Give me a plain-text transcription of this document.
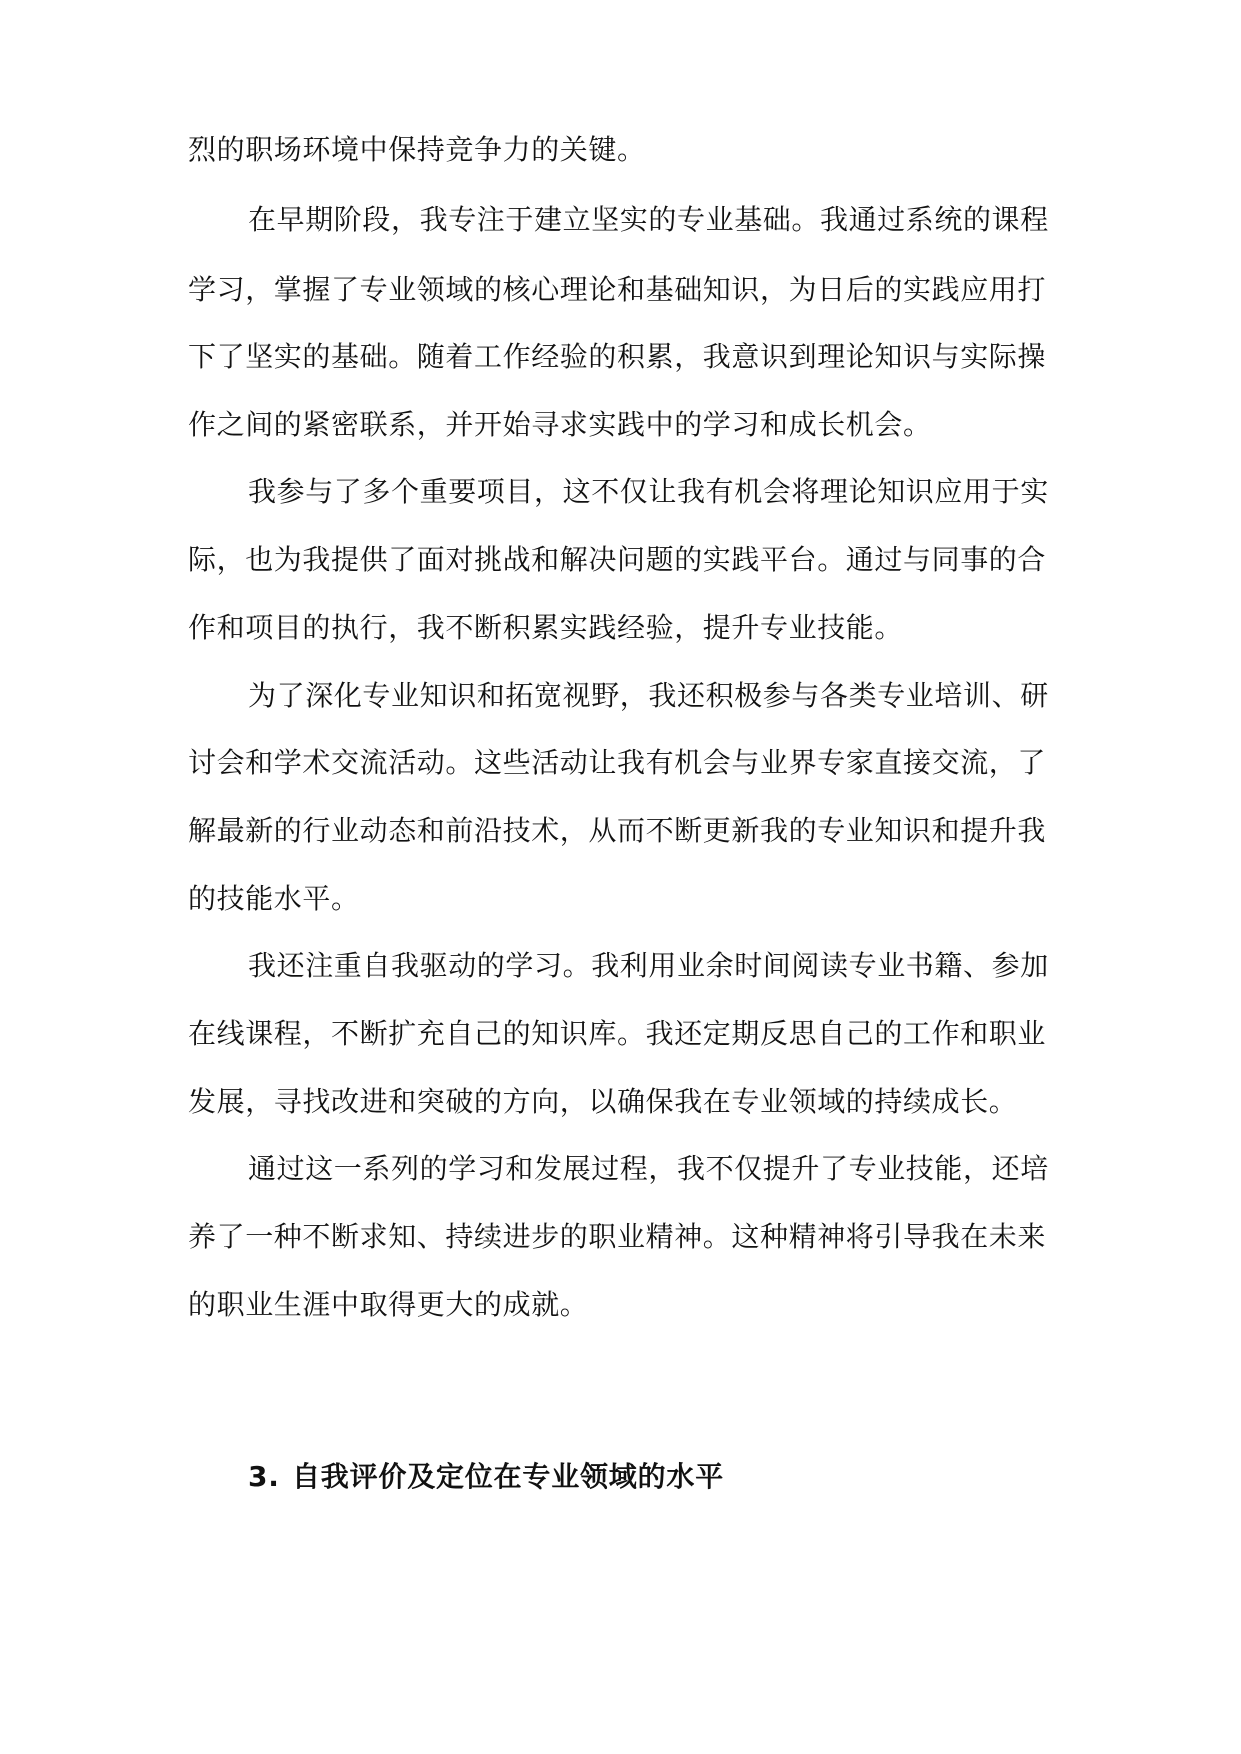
烈的职场环境中保持竞争力的关键。
在早期阶段，我专注于建立坚实的专业基础。我通过系统的课程
学习，掌握了专业领域的核心理论和基础知识，为日后的实践应用打
下了坚实的基础。随着工作经验的积累，我意识到理论知识与实际操
作之间的紧密联系，并开始寻求实践中的学习和成长机会。
我参与了多个重要项目，这不仅让我有机会将理论知识应用于实
际，也为我提供了面对挑战和解决问题的实践平台。通过与同事的合
作和项目的执行，我不断积累实践经验，提升专业技能。
为了深化专业知识和拓宽视野，我还积极参与各类专业培训、研
讨会和学术交流活动。这些活动让我有机会与业界专家直接交流，了
解最新的行业动态和前沿技术，从而不断更新我的专业知识和提升我
的技能水平。
我还注重自我驱动的学习。我利用业余时间阅读专业书籍、参加
在线课程，不断扩充自己的知识库。我还定期反思自己的工作和职业
发展，寻找改进和突破的方向，以确保我在专业领域的持续成长。
通过这一系列的学习和发展过程，我不仅提升了专业技能，还培
养了一种不断求知、持续进步的职业精神。这种精神将引导我在未来
的职业生涯中取得更大的成就。
3. 自我评价及定位在专业领域的水平
